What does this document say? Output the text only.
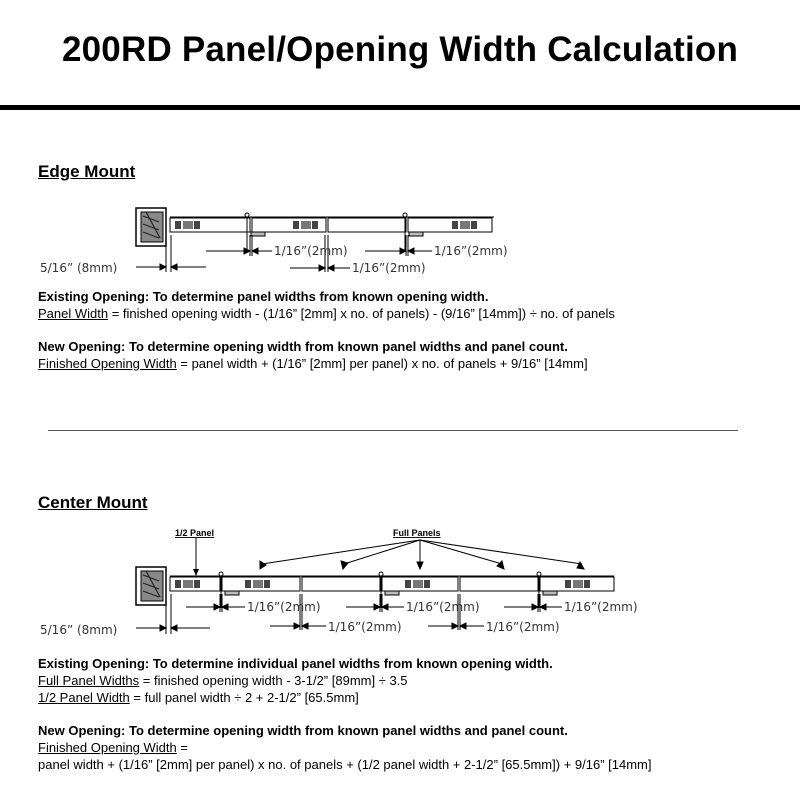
200RD Panel/Opening Width Calculation
Edge Mount
5/16” (8mm)
1/16”(2mm)
1/16”(2mm)
1/16”(2mm)
1/2 Panel	Full Panels
5/16” (8mm)
1/16”(2mm)
1/16”(2mm)
1/16”(2mm)
1/16”(2mm)
1/16”(2mm)
Existing Opening: To determine panel widths from known opening width.
Panel Width = finished opening width - (1/16” [2mm] x no. of panels) - (9/16” [14mm]) ÷ no. of panels
New Opening: To determine opening width from known panel widths and panel count.
Finished Opening Width = panel width + (1/16” [2mm] per panel) x no. of panels + 9/16” [14mm]
Center Mount
Existing Opening: To determine individual panel widths from known opening width.
Full Panel Widths = finished opening width - 3-1/2” [89mm] ÷ 3.5
1/2 Panel Width = full panel width ÷ 2 + 2-1/2” [65.5mm]
New Opening: To determine opening width from known panel widths and panel count.
Finished Opening Width =
panel width + (1/16” [2mm] per panel) x no. of panels + (1/2 panel width + 2-1/2” [65.5mm]) + 9/16” [14mm]
